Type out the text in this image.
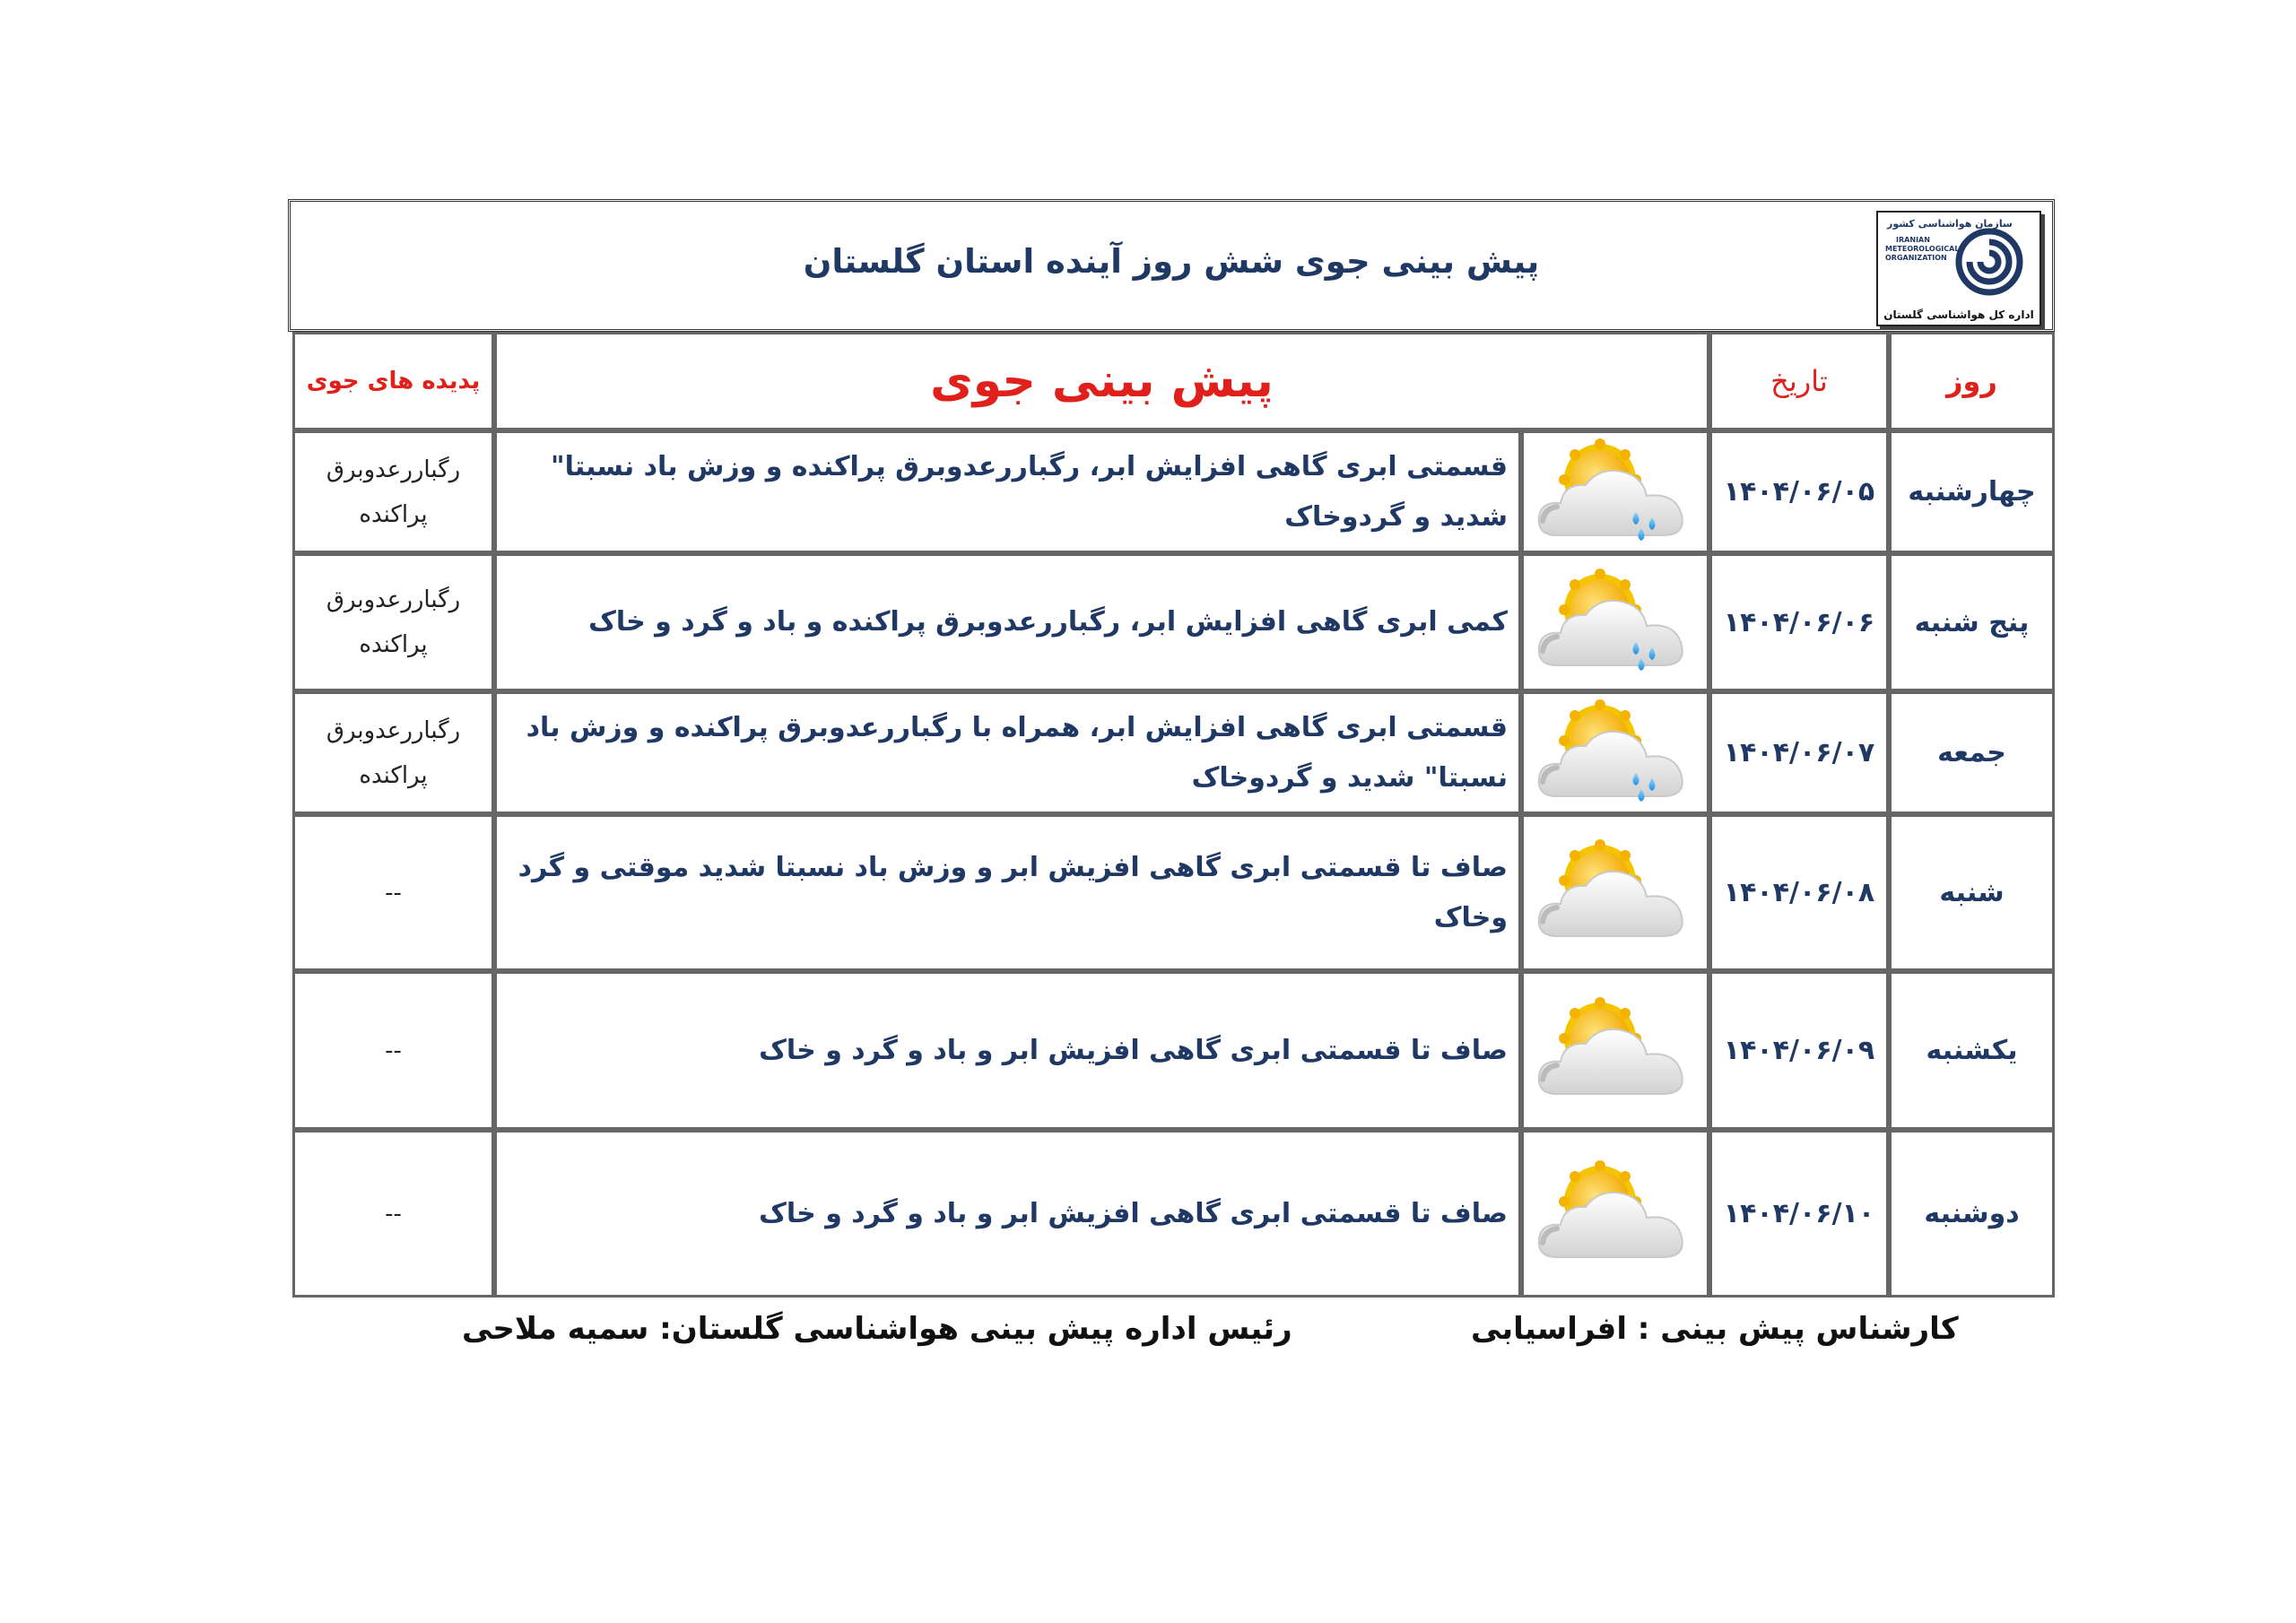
پیش بینی جوی شش روز آینده استان گلستان
سازمان هواشناسی کشور
IRANIAN METEOROLOGICAL ORGANIZATION
اداره کل هواشناسی گلستان
روز
تاریخ
پیش بینی جوی
پدیده های جوی
چهارشنبه
۱۴۰۴/۰۶/۰۵
قسمتی ابری گاهی افزایش ابر، رگباررعدوبرق پراکنده و وزش باد نسبتا" شدید و گردوخاک
رگباررعدوبرق پراکنده
پنج شنبه
۱۴۰۴/۰۶/۰۶
کمی ابری گاهی افزایش ابر، رگباررعدوبرق پراکنده و باد و گرد و خاک
رگباررعدوبرق پراکنده
جمعه
۱۴۰۴/۰۶/۰۷
قسمتی ابری گاهی افزایش ابر، همراه با رگباررعدوبرق پراکنده و وزش باد نسبتا" شدید و گردوخاک
رگباررعدوبرق پراکنده
شنبه
۱۴۰۴/۰۶/۰۸
صاف تا قسمتی ابری گاهی افزیش ابر و وزش باد نسبتا شدید موقتی و گرد وخاک
--
یکشنبه
۱۴۰۴/۰۶/۰۹
صاف تا قسمتی ابری گاهی افزیش ابر و باد و گرد و خاک
--
دوشنبه
۱۴۰۴/۰۶/۱۰
صاف تا قسمتی ابری گاهی افزیش ابر و باد و گرد و خاک
--
کارشناس پیش بینی : افراسیابی
رئیس اداره پیش بینی هواشناسی گلستان: سمیه ملاحی
